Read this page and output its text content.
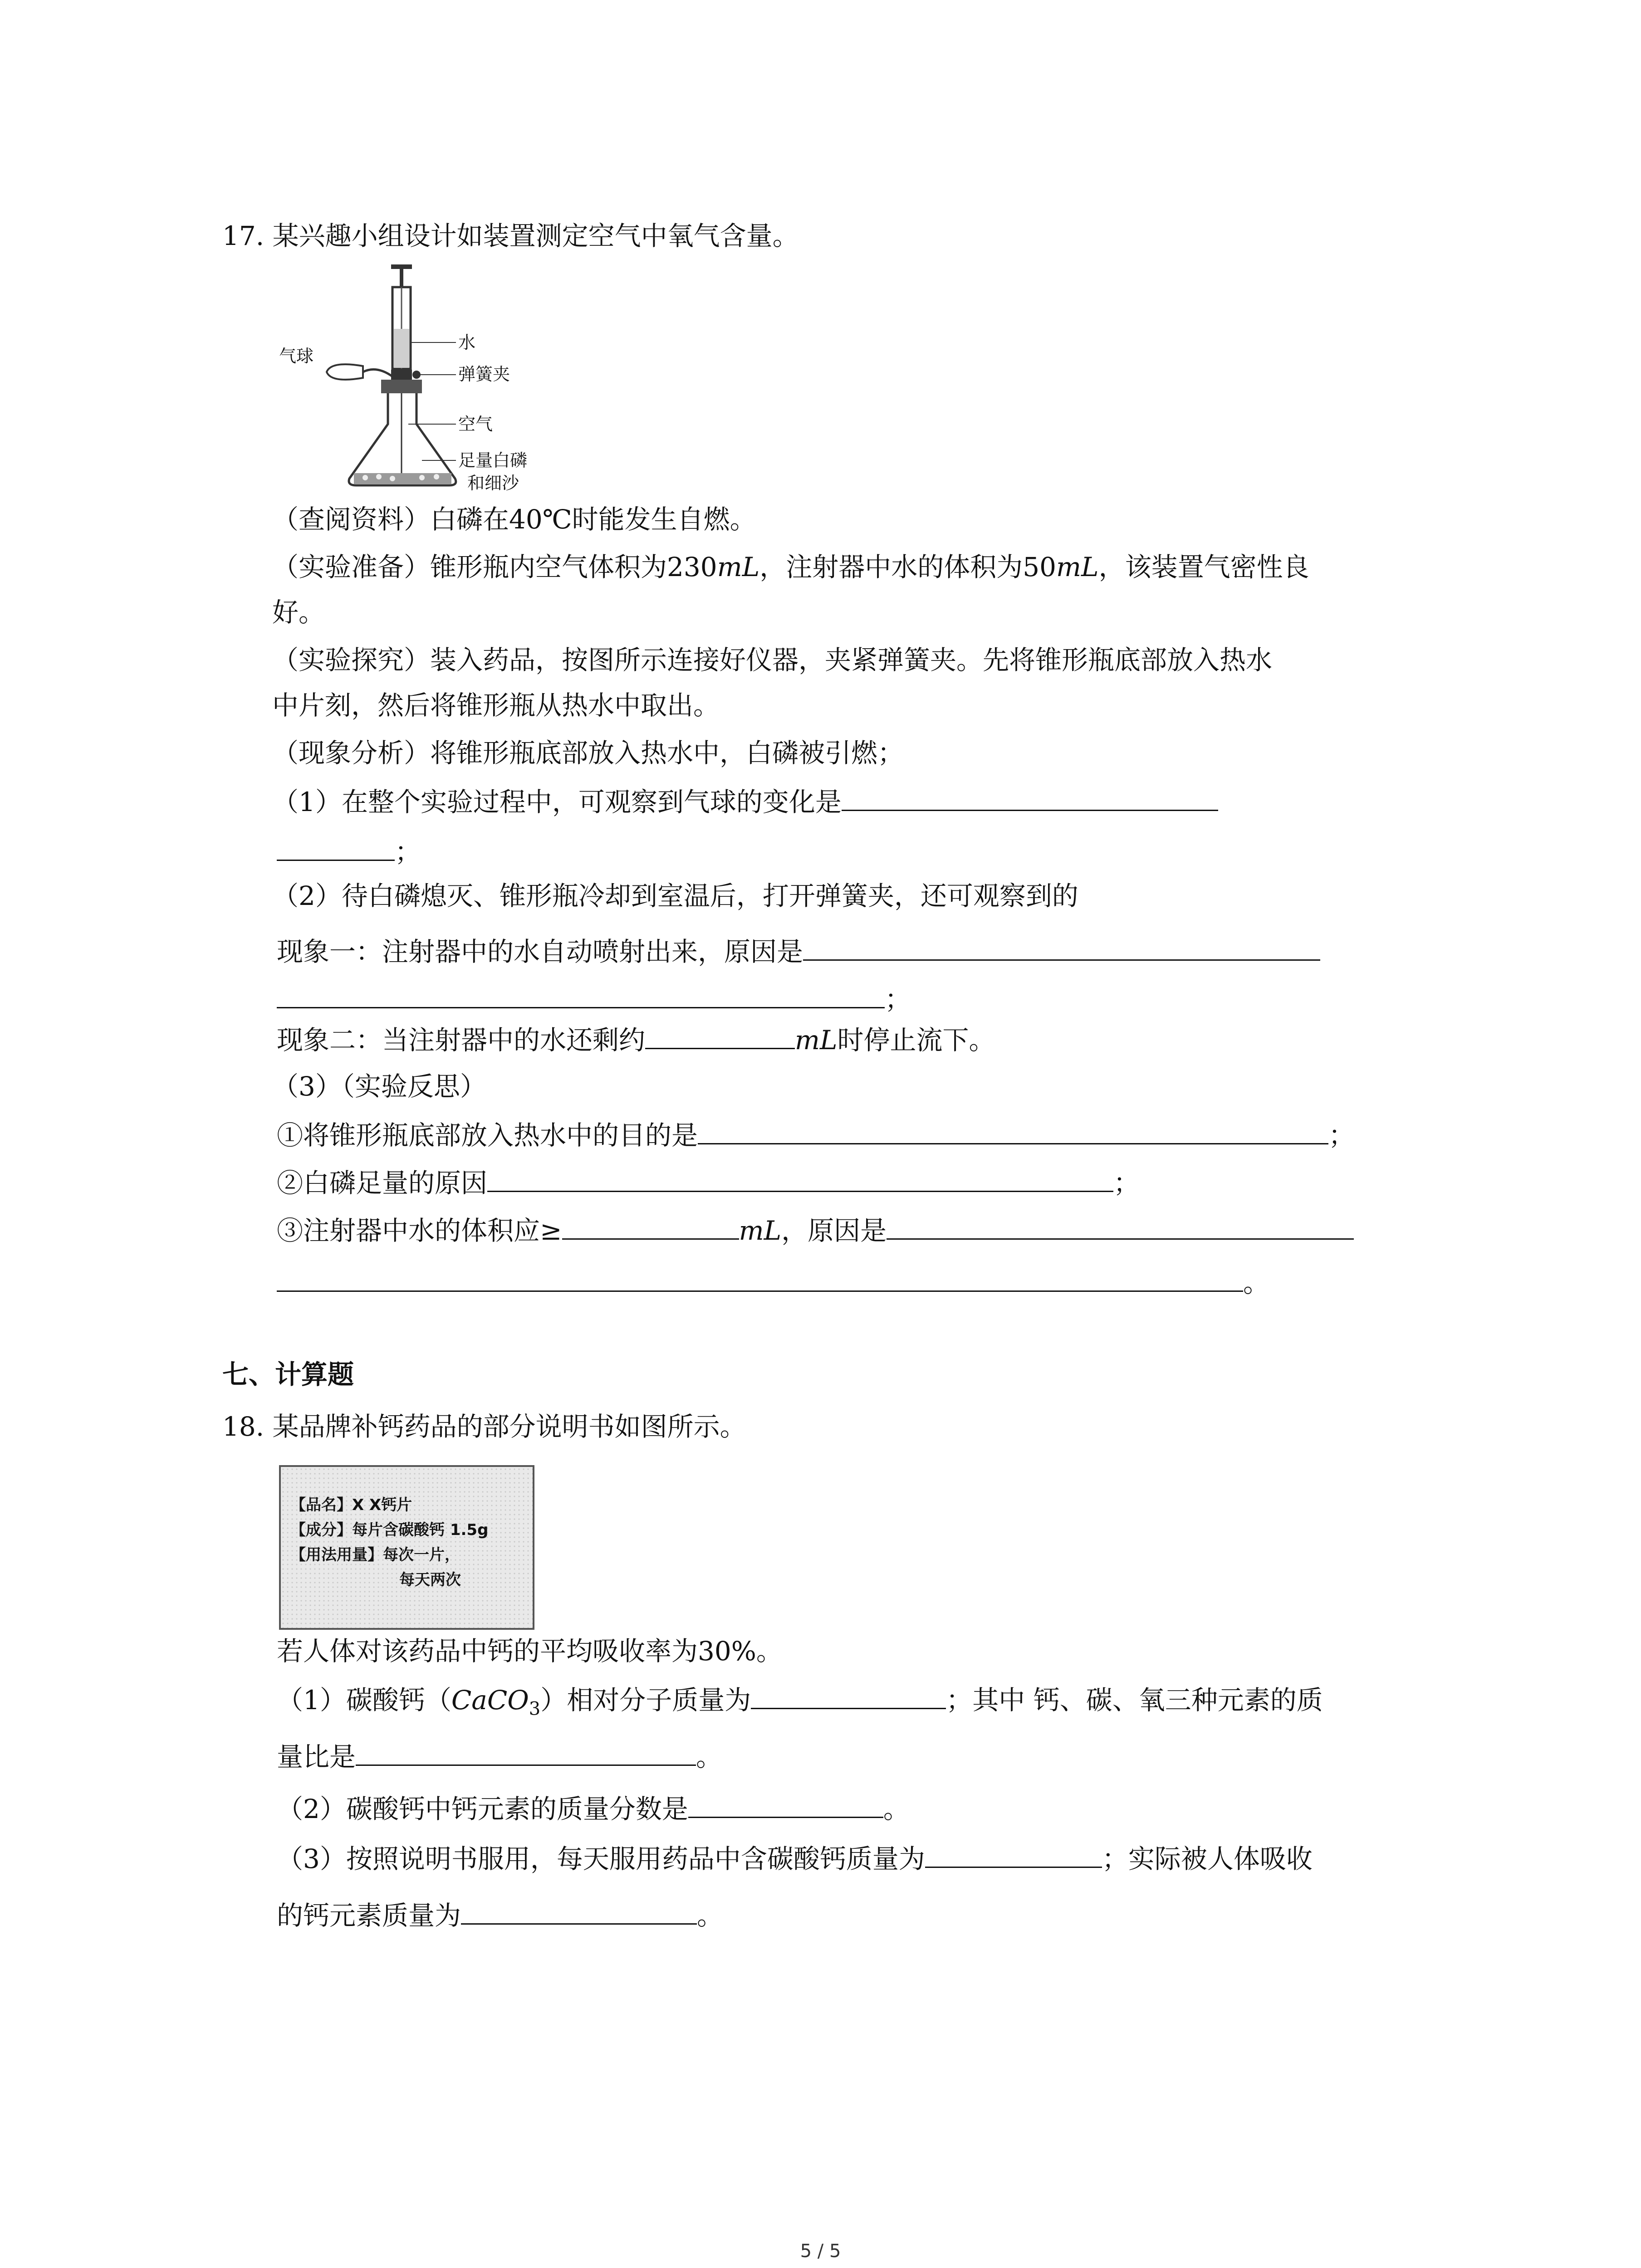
17. 某兴趣小组设计如装置测定空气中氧气含量。
气球
水
弹簧夹
空气
足量白磷
和细沙
（查阅资料）白磷在40℃时能发生自燃。
（实验准备）锥形瓶内空气体积为230mL，注射器中水的体积为50mL，该装置气密性良
好。
（实验探究）装入药品，按图所示连接好仪器，夹紧弹簧夹。先将锥形瓶底部放入热水
中片刻，然后将锥形瓶从热水中取出。
（现象分析）将锥形瓶底部放入热水中，白磷被引燃；
（1）在整个实验过程中，可观察到气球的变化是
；
（2）待白磷熄灭、锥形瓶冷却到室温后，打开弹簧夹，还可观察到的
现象一：注射器中的水自动喷射出来，原因是
；
现象二：当注射器中的水还剩约	mL时停止流下。
（3）（实验反思）
①将锥形瓶底部放入热水中的目的是	；
②白磷足量的原因	；
③注射器中水的体积应≥	mL，原因是
。
七、计算题
18. 某品牌补钙药品的部分说明书如图所示。
【品名】X X钙片
【成分】每片含碳酸钙 1.5g
【用法用量】每次一片，
每天两次
若人体对该药品中钙的平均吸收率为30%。
（1）碳酸钙（CaCO$_3$）相对分子质量为	；其中 钙、碳、氧三种元素的质
量比是	。
（2）碳酸钙中钙元素的质量分数是	。
（3）按照说明书服用，每天服用药品中含碳酸钙质量为	；实际被人体吸收
的钙元素质量为	。
5 / 5
